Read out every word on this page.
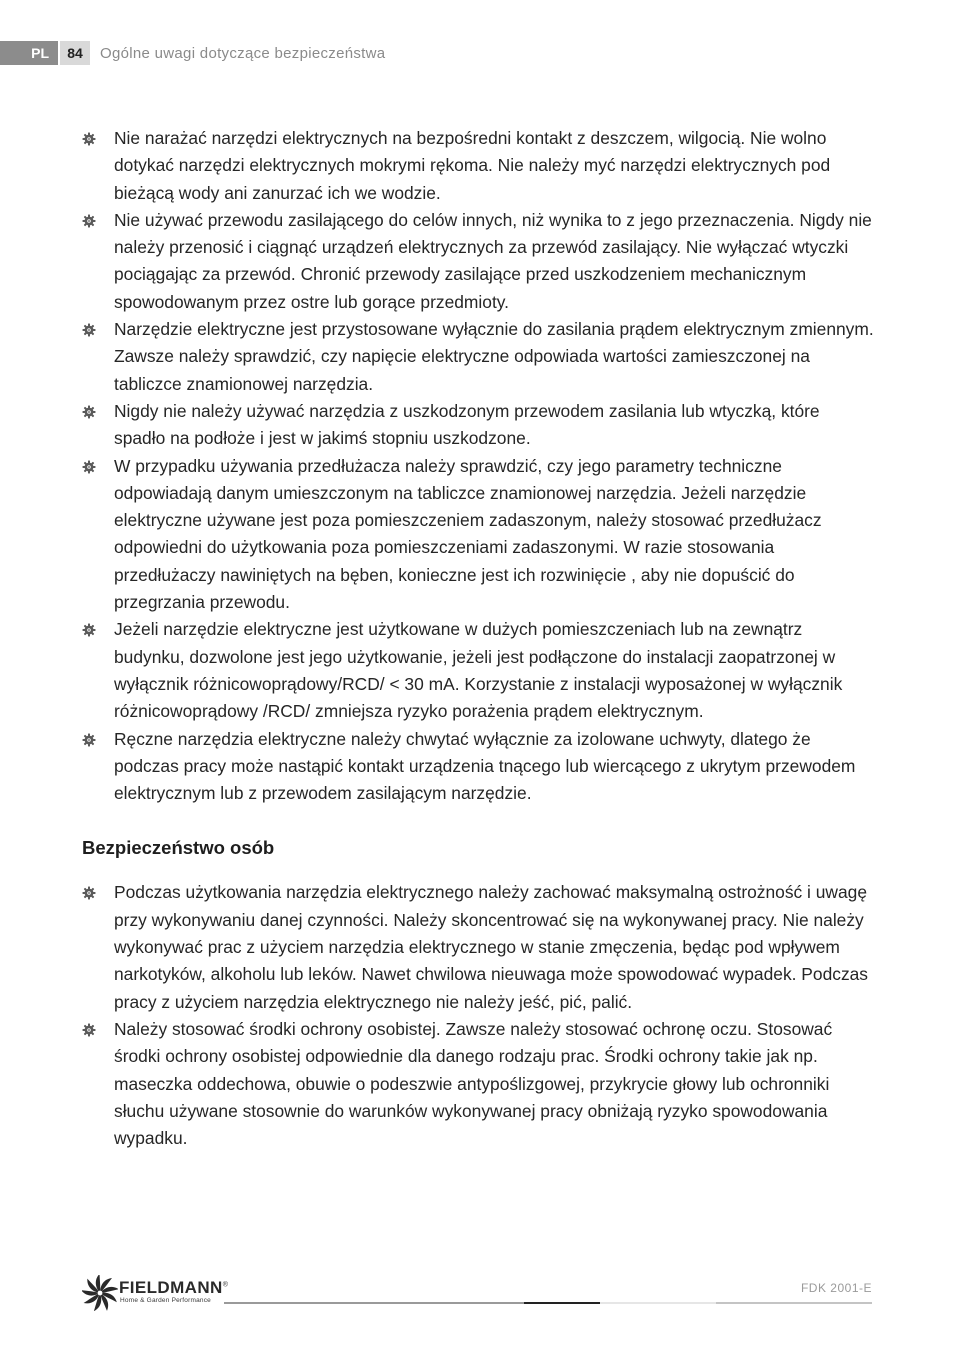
PL	84	Ogólne uwagi dotyczące bezpieczeństwa
Nie narażać narzędzi elektrycznych na bezpośredni kontakt z deszczem, wilgocią. Nie wolno dotykać narzędzi elektrycznych mokrymi rękoma. Nie należy myć narzędzi elektrycznych pod bieżącą wody ani zanurzać ich we wodzie.
Nie używać przewodu zasilającego do celów innych, niż wynika to z jego przeznaczenia. Nigdy nie należy przenosić i ciągnąć urządzeń elektrycznych za przewód zasilający. Nie wyłączać wtyczki pociągając za przewód. Chronić przewody zasilające przed uszkodzeniem mechanicznym spowodowanym przez ostre lub gorące przedmioty.
Narzędzie elektryczne jest przystosowane wyłącznie do zasilania prądem elektrycznym zmiennym. Zawsze należy sprawdzić, czy napięcie elektryczne odpowiada wartości zamieszczonej na tabliczce znamionowej narzędzia.
Nigdy nie należy używać narzędzia z uszkodzonym przewodem zasilania lub wtyczką, które spadło na podłoże i jest w jakimś stopniu uszkodzone.
W przypadku używania przedłużacza należy sprawdzić, czy jego parametry techniczne odpowiadają danym umieszczonym na tabliczce znamionowej narzędzia. Jeżeli narzędzie elektryczne używane jest poza pomieszczeniem zadaszonym, należy stosować przedłużacz odpowiedni do użytkowania poza pomieszczeniami zadaszonymi. W razie stosowania przedłużaczy nawiniętych na bęben, konieczne jest ich rozwinięcie , aby nie dopuścić do przegrzania przewodu.
Jeżeli narzędzie elektryczne jest użytkowane w dużych pomieszczeniach lub na zewnątrz budynku, dozwolone jest jego użytkowanie, jeżeli jest podłączone do instalacji zaopatrzonej w wyłącznik różnicowoprądowy/RCD/ < 30 mA. Korzystanie z instalacji wyposażonej w wyłącznik różnicowoprądowy /RCD/ zmniejsza ryzyko porażenia prądem elektrycznym.
Ręczne narzędzia elektryczne należy chwytać wyłącznie za izolowane uchwyty, dlatego że podczas pracy może nastąpić kontakt urządzenia tnącego lub wiercącego z ukrytym przewodem elektrycznym lub z przewodem zasilającym narzędzie.
Bezpieczeństwo osób
Podczas użytkowania narzędzia elektrycznego należy zachować maksymalną ostrożność i uwagę przy wykonywaniu danej czynności. Należy skoncentrować się na wykonywanej pracy. Nie należy wykonywać prac z użyciem narzędzia elektrycznego w stanie zmęczenia, będąc pod wpływem narkotyków, alkoholu lub leków. Nawet chwilowa nieuwaga może spowodować wypadek. Podczas pracy z użyciem narzędzia elektrycznego nie należy jeść, pić, palić.
Należy stosować środki ochrony osobistej. Zawsze należy stosować ochronę oczu. Stosować środki ochrony osobistej odpowiednie dla danego rodzaju prac. Środki ochrony takie jak np. maseczka oddechowa, obuwie o podeszwie antypoślizgowej, przykrycie głowy lub ochronniki słuchu używane stosownie do warunków wykonywanej pracy obniżają ryzyko spowodowania wypadku.
FIELDMANN®
Home & Garden Performance
FDK 2001-E
